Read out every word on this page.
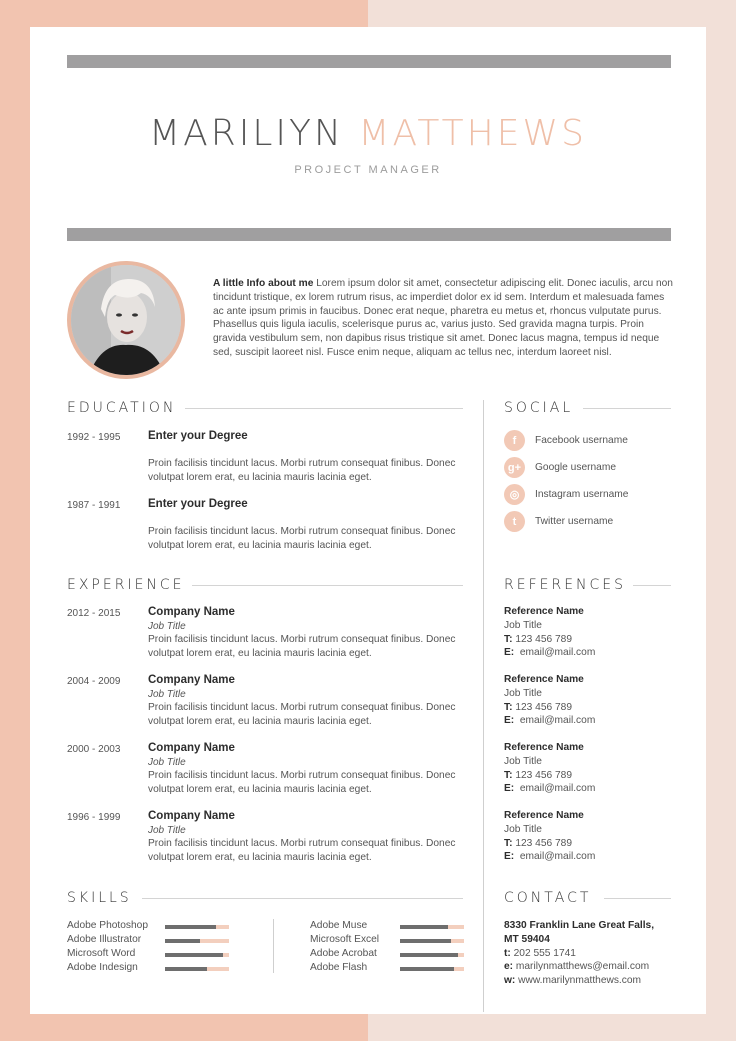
MARILIYN MATTHEWS
PROJECT MANAGER
A little Info about me Lorem ipsum dolor sit amet, consectetur adipiscing elit. Donec iaculis, arcu non tincidunt tristique, ex lorem rutrum risus, ac imperdiet dolor ex id sem. Interdum et malesuada fames ac ante ipsum primis in faucibus. Donec erat neque, pharetra eu metus et, rhoncus vulputate purus. Phasellus quis ligula iaculis, scelerisque purus ac, varius justo. Sed gravida magna turpis. Proin gravida vestibulum sem, non dapibus risus tristique sit amet. Donec lacus magna, tempus id neque sed, suscipit laoreet nisl. Fusce enim neque, aliquam ac tellus nec, interdum laoreet nisl.
EDUCATION
1992 - 1995 Enter your Degree
Proin facilisis tincidunt lacus. Morbi rutrum consequat finibus. Donec
volutpat lorem erat, eu lacinia mauris lacinia eget.
1987 - 1991 Enter your Degree
Proin facilisis tincidunt lacus. Morbi rutrum consequat finibus. Donec
volutpat lorem erat, eu lacinia mauris lacinia eget.
EXPERIENCE
2012 - 2015 Company Name
Job Title
Proin facilisis tincidunt lacus. Morbi rutrum consequat finibus. Donec
volutpat lorem erat, eu lacinia mauris lacinia eget.
2004 - 2009 Company Name
Job Title
Proin facilisis tincidunt lacus. Morbi rutrum consequat finibus. Donec
volutpat lorem erat, eu lacinia mauris lacinia eget.
2000 - 2003 Company Name
Job Title
Proin facilisis tincidunt lacus. Morbi rutrum consequat finibus. Donec
volutpat lorem erat, eu lacinia mauris lacinia eget.
1996 - 1999 Company Name
Job Title
Proin facilisis tincidunt lacus. Morbi rutrum consequat finibus. Donec
volutpat lorem erat, eu lacinia mauris lacinia eget.
SOCIAL
f	Facebook username
g+	Google username
◎	Instagram username
t	Twitter username
REFERENCES
Reference Name
Job Title
T: 123 456 789
E: email@mail.com
Reference Name
Job Title
T: 123 456 789
E: email@mail.com
Reference Name
Job Title
T: 123 456 789
E: email@mail.com
Reference Name
Job Title
T: 123 456 789
E: email@mail.com
SKILLS
Adobe Photoshop
Adobe Illustrator
Microsoft Word
Adobe Indesign
Adobe Muse
Microsoft Excel
Adobe Acrobat
Adobe Flash
CONTACT
8330 Franklin Lane Great Falls,
MT 59404
t: 202 555 1741
e: marilynmatthews@email.com
w: www.marilynmatthews.com
